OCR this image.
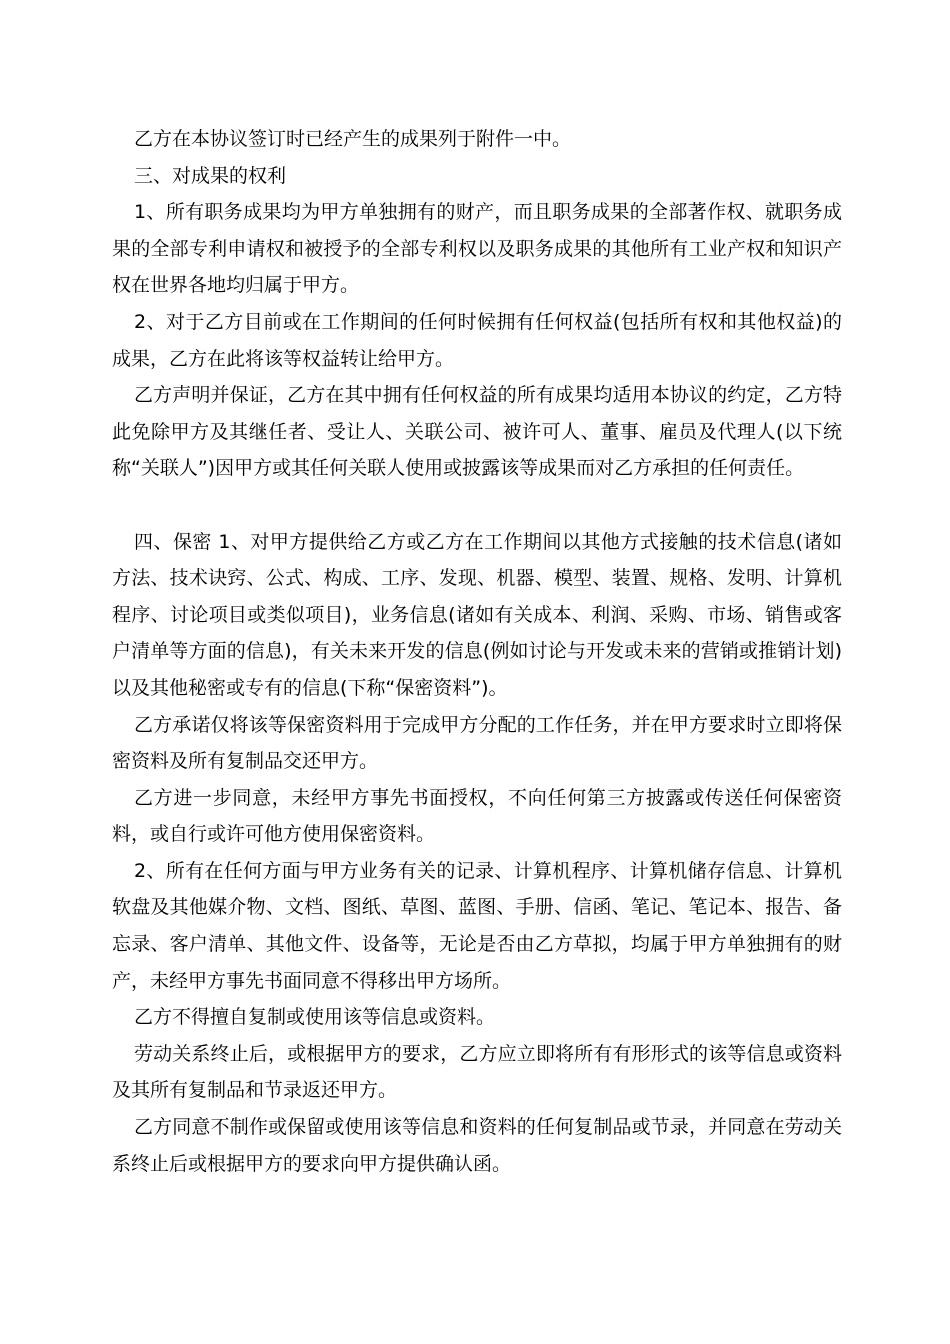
乙方在本协议签订时已经产生的成果列于附件一中。

三、对成果的权利

1、所有职务成果均为甲方单独拥有的财产，而且职务成果的全部著作权、就职务成果的全部专利申请权和被授予的全部专利权以及职务成果的其他所有工业产权和知识产权在世界各地均归属于甲方。

2、对于乙方目前或在工作期间的任何时候拥有任何权益(包括所有权和其他权益)的成果，乙方在此将该等权益转让给甲方。

乙方声明并保证，乙方在其中拥有任何权益的所有成果均适用本协议的约定，乙方特此免除甲方及其继任者、受让人、关联公司、被许可人、董事、雇员及代理人(以下统称“关联人”)因甲方或其任何关联人使用或披露该等成果而对乙方承担的任何责任。

四、保密 1、对甲方提供给乙方或乙方在工作期间以其他方式接触的技术信息(诸如方法、技术诀窍、公式、构成、工序、发现、机器、模型、装置、规格、发明、计算机程序、讨论项目或类似项目)，业务信息(诸如有关成本、利润、采购、市场、销售或客户清单等方面的信息)，有关未来开发的信息(例如讨论与开发或未来的营销或推销计划)以及其他秘密或专有的信息(下称“保密资料”)。

乙方承诺仅将该等保密资料用于完成甲方分配的工作任务，并在甲方要求时立即将保密资料及所有复制品交还甲方。

乙方进一步同意，未经甲方事先书面授权，不向任何第三方披露或传送任何保密资料，或自行或许可他方使用保密资料。

2、所有在任何方面与甲方业务有关的记录、计算机程序、计算机储存信息、计算机软盘及其他媒介物、文档、图纸、草图、蓝图、手册、信函、笔记、笔记本、报告、备忘录、客户清单、其他文件、设备等，无论是否由乙方草拟，均属于甲方单独拥有的财产，未经甲方事先书面同意不得移出甲方场所。

乙方不得擅自复制或使用该等信息或资料。

劳动关系终止后，或根据甲方的要求，乙方应立即将所有有形形式的该等信息或资料及其所有复制品和节录返还甲方。

乙方同意不制作或保留或使用该等信息和资料的任何复制品或节录，并同意在劳动关系终止后或根据甲方的要求向甲方提供确认函。
